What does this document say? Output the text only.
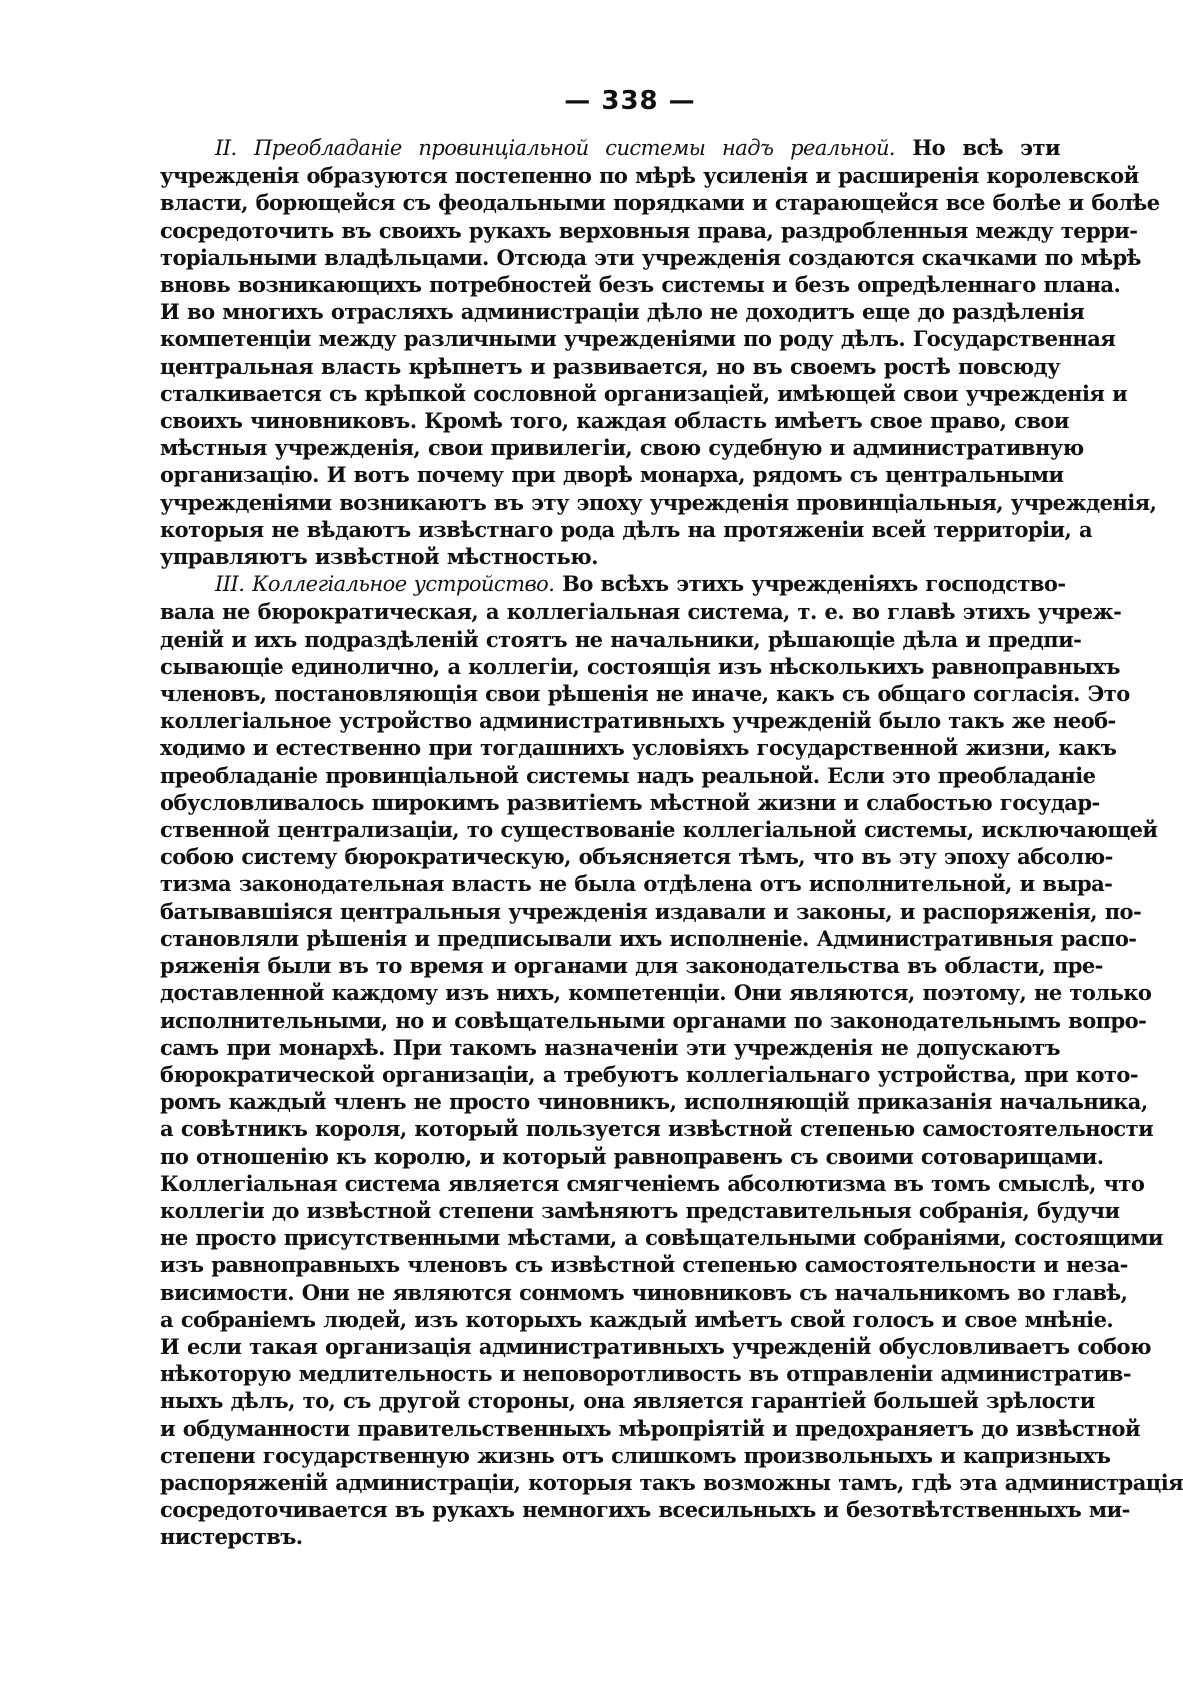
— 338 —
II. Преобладаніе провинціальной системы надъ реальной. Но всѣ эти
учрежденія образуются постепенно по мѣрѣ усиленія и расширенія королевской
власти, борющейся съ феодальными порядками и старающейся все болѣе и болѣе
сосредоточить въ своихъ рукахъ верховныя права, раздробленныя между терри-
торіальными владѣльцами. Отсюда эти учрежденія создаются скачками по мѣрѣ
вновь возникающихъ потребностей безъ системы и безъ опредѣленнаго плана.
И во многихъ отрасляхъ администраціи дѣло не доходитъ еще до раздѣленія
компетенціи между различными учрежденіями по роду дѣлъ. Государственная
центральная власть крѣпнетъ и развивается, но въ своемъ ростѣ повсюду
сталкивается съ крѣпкой сословной организаціей, имѣющей свои учрежденія и
своихъ чиновниковъ. Кромѣ того, каждая область имѣетъ свое право, свои
мѣстныя учрежденія, свои привилегіи, свою судебную и административную
организацію. И вотъ почему при дворѣ монарха, рядомъ съ центральными
учрежденіями возникаютъ въ эту эпоху учрежденія провинціальныя, учрежденія,
которыя не вѣдаютъ извѣстнаго рода дѣлъ на протяженіи всей территоріи, а
управляютъ извѣстной мѣстностью.
III. Коллегіальное устройство. Во всѣхъ этихъ учрежденіяхъ господство-
вала не бюрократическая, а коллегіальная система, т. е. во главѣ этихъ учреж-
деній и ихъ подраздѣленій стоятъ не начальники, рѣшающіе дѣла и предпи-
сывающіе единолично, а коллегіи, состоящія изъ нѣсколькихъ равноправныхъ
членовъ, постановляющія свои рѣшенія не иначе, какъ съ общаго согласія. Это
коллегіальное устройство административныхъ учрежденій было такъ же необ-
ходимо и естественно при тогдашнихъ условіяхъ государственной жизни, какъ
преобладаніе провинціальной системы надъ реальной. Если это преобладаніе
обусловливалось широкимъ развитіемъ мѣстной жизни и слабостью государ-
ственной централизаціи, то существованіе коллегіальной системы, исключающей
собою систему бюрократическую, объясняется тѣмъ, что въ эту эпоху абсолю-
тизма законодательная власть не была отдѣлена отъ исполнительной, и выра-
батывавшіяся центральныя учрежденія издавали и законы, и распоряженія, по-
становляли рѣшенія и предписывали ихъ исполненіе. Административныя распо-
ряженія были въ то время и органами для законодательства въ области, пре-
доставленной каждому изъ нихъ, компетенціи. Они являются, поэтому, не только
исполнительными, но и совѣщательными органами по законодательнымъ вопро-
самъ при монархѣ. При такомъ назначеніи эти учрежденія не допускаютъ
бюрократической организаціи, а требуютъ коллегіальнаго устройства, при кото-
ромъ каждый членъ не просто чиновникъ, исполняющій приказанія начальника,
а совѣтникъ короля, который пользуется извѣстной степенью самостоятельности
по отношенію къ королю, и который равноправенъ съ своими сотоварищами.
Коллегіальная система является смягченіемъ абсолютизма въ томъ смыслѣ, что
коллегіи до извѣстной степени замѣняютъ представительныя собранія, будучи
не просто присутственными мѣстами, а совѣщательными собраніями, состоящими
изъ равноправныхъ членовъ съ извѣстной степенью самостоятельности и неза-
висимости. Они не являются сонмомъ чиновниковъ съ начальникомъ во главѣ,
а собраніемъ людей, изъ которыхъ каждый имѣетъ свой голосъ и свое мнѣніе.
И если такая организація административныхъ учрежденій обусловливаетъ собою
нѣкоторую медлительность и неповоротливость въ отправленіи административ-
ныхъ дѣлъ, то, съ другой стороны, она является гарантіей большей зрѣлости
и обдуманности правительственныхъ мѣропріятій и предохраняетъ до извѣстной
степени государственную жизнь отъ слишкомъ произвольныхъ и капризныхъ
распоряженій администраціи, которыя такъ возможны тамъ, гдѣ эта администрація
сосредоточивается въ рукахъ немногихъ всесильныхъ и безотвѣтственныхъ ми-
нистерствъ.
